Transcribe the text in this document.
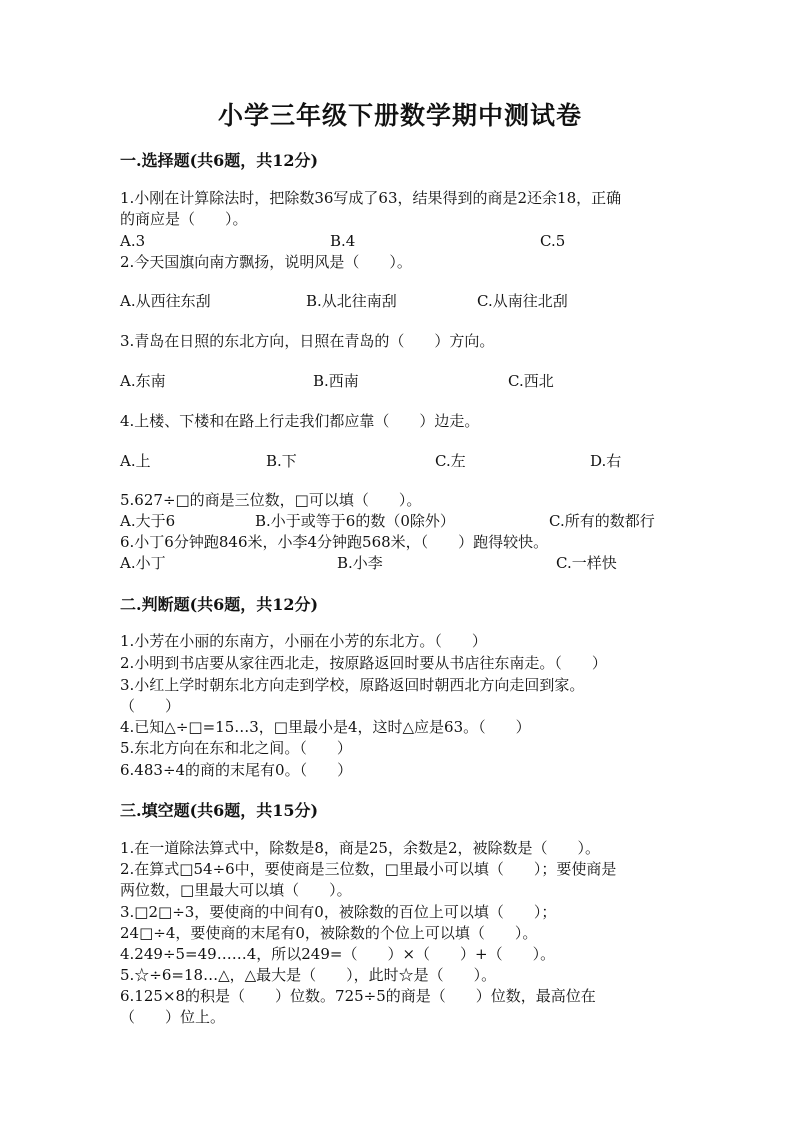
小学三年级下册数学期中测试卷
一.选择题(共6题，共12分)
1.小刚在计算除法时，把除数36写成了63，结果得到的商是2还余18，正确
的商应是（　　）。
A.3	B.4	C.5
2.今天国旗向南方飘扬，说明风是（　　）。
A.从西往东刮	B.从北往南刮	C.从南往北刮
3.青岛在日照的东北方向，日照在青岛的（　　）方向。
A.东南	B.西南	C.西北
4.上楼、下楼和在路上行走我们都应靠（　　）边走。
A.上	B.下	C.左	D.右
5.627÷□的商是三位数，□可以填（　　）。
A.大于6	B.小于或等于6的数（0除外）	C.所有的数都行
6.小丁6分钟跑846米，小李4分钟跑568米，（　　）跑得较快。
A.小丁	B.小李	C.一样快
二.判断题(共6题，共12分)
1.小芳在小丽的东南方，小丽在小芳的东北方。（　　）
2.小明到书店要从家往西北走，按原路返回时要从书店往东南走。（　　）
3.小红上学时朝东北方向走到学校，原路返回时朝西北方向走回到家。
（　　）
4.已知△÷□=15…3，□里最小是4，这时△应是63。（　　）
5.东北方向在东和北之间。（　　）
6.483÷4的商的末尾有0。（　　）
三.填空题(共6题，共15分)
1.在一道除法算式中，除数是8，商是25，余数是2，被除数是（　　）。
2.在算式□54÷6中，要使商是三位数，□里最小可以填（　　）；要使商是
两位数，□里最大可以填（　　）。
3.□2□÷3，要使商的中间有0，被除数的百位上可以填（　　）；
24□÷4，要使商的末尾有0，被除数的个位上可以填（　　）。
4.249÷5=49……4，所以249=（　　）×（　　）+（　　）。
5.☆÷6=18…△，△最大是（　　），此时☆是（　　）。
6.125×8的积是（　　）位数。725÷5的商是（　　）位数，最高位在
（　　）位上。
